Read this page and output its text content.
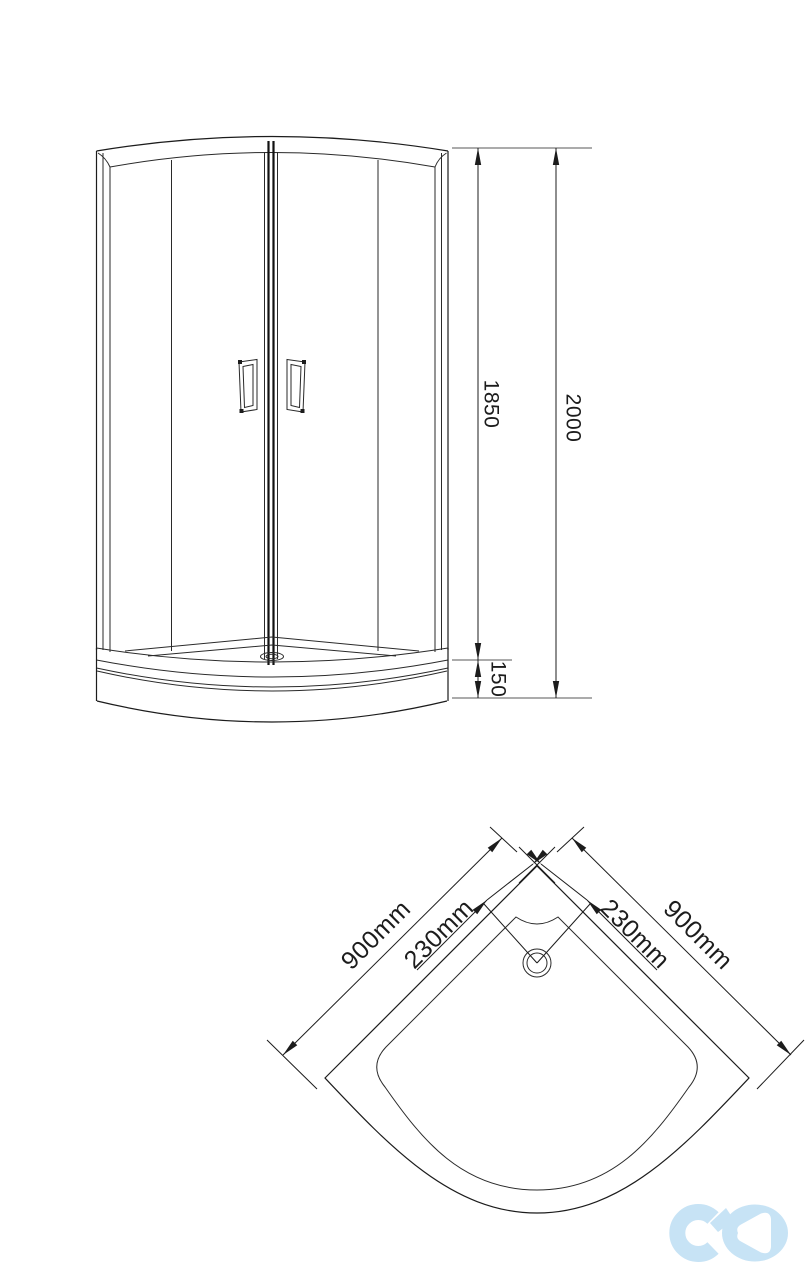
1850	2000
150
900mm	900mm
230mm	230mm
